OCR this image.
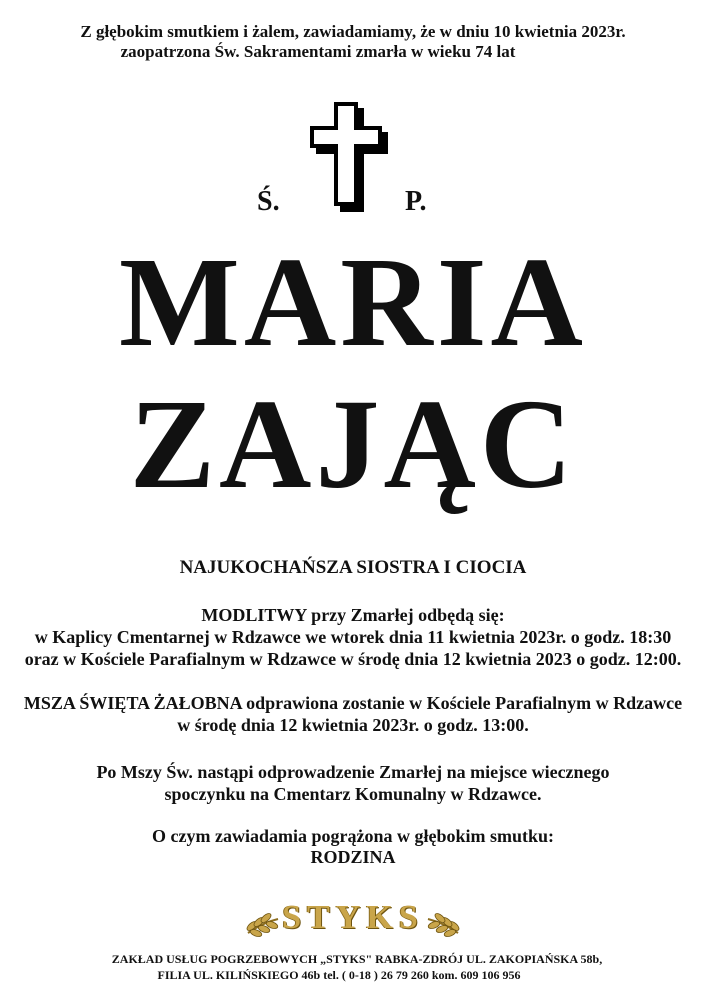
Z głębokim smutkiem i żalem, zawiadamiamy, że w dniu 10 kwietnia 2023r.
zaopatrzona Św. Sakramentami zmarła w wieku 74 lat
Ś.	P.
MARIA
ZAJĄC
NAJUKOCHAŃSZA SIOSTRA I CIOCIA
MODLITWY przy Zmarłej odbędą się:
w Kaplicy Cmentarnej w Rdzawce we wtorek dnia 11 kwietnia 2023r. o godz. 18:30
oraz w Kościele Parafialnym w Rdzawce w środę dnia 12 kwietnia 2023 o godz. 12:00.
MSZA ŚWIĘTA ŻAŁOBNA odprawiona zostanie w Kościele Parafialnym w Rdzawce
w środę dnia 12 kwietnia 2023r. o godz. 13:00.
Po Mszy Św. nastąpi odprowadzenie Zmarłej na miejsce wiecznego
spoczynku na Cmentarz Komunalny w Rdzawce.
O czym zawiadamia pogrążona w głębokim smutku:
RODZINA
STYKS
ZAKŁAD USŁUG POGRZEBOWYCH „STYKS" RABKA-ZDRÓJ UL. ZAKOPIAŃSKA 58b,
FILIA UL. KILIŃSKIEGO 46b tel. ( 0-18 ) 26 79 260 kom. 609 106 956
